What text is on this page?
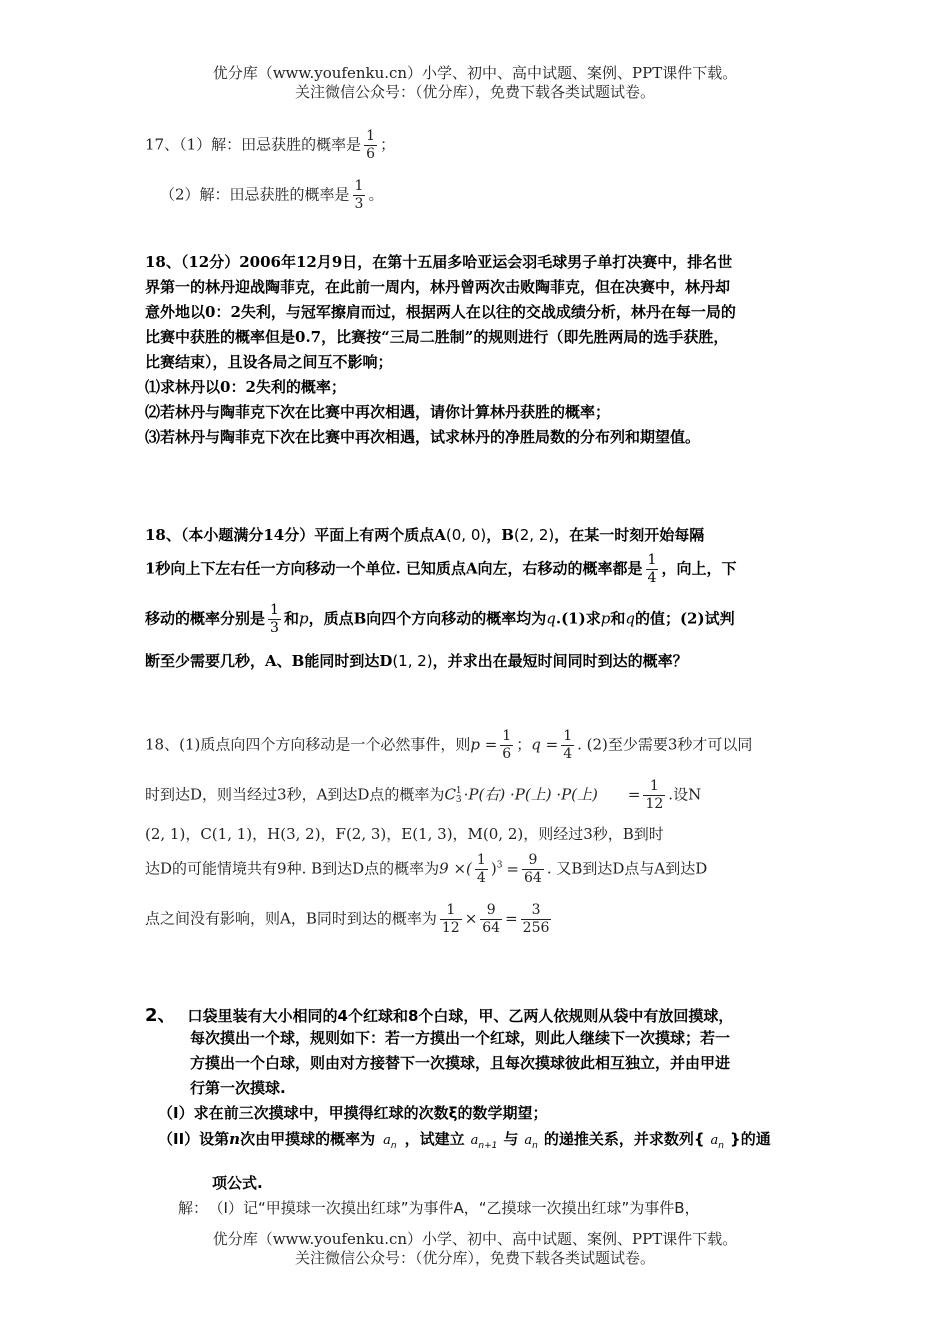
优分库（www.youfenku.cn）小学、初中、高中试题、案例、PPT课件下载。
关注微信公众号：（优分库），免费下载各类试题试卷。
17、（1）解：田忌获胜的概率是 $\frac{1}{6}$ ；
（2）解：田忌获胜的概率是 $\frac{1}{3}$ 。
18、（12分）2006年12月9日，在第十五届多哈亚运会羽毛球男子单打决赛中，排名世
界第一的林丹迎战陶菲克，在此前一周内，林丹曾两次击败陶菲克，但在决赛中，林丹却
意外地以0：2失利，与冠军擦肩而过，根据两人在以往的交战成绩分析，林丹在每一局的
比赛中获胜的概率但是0.7，比赛按“三局二胜制”的规则进行（即先胜两局的选手获胜，
比赛结束），且设各局之间互不影响；
⑴求林丹以0：2失利的概率；
⑵若林丹与陶菲克下次在比赛中再次相遇，请你计算林丹获胜的概率；
⑶若林丹与陶菲克下次在比赛中再次相遇，试求林丹的净胜局数的分布列和期望值。
18、（本小题满分14分）平面上有两个质点A(0, 0)，B(2, 2)，在某一时刻开始每隔
1秒向上下左右任一方向移动一个单位. 已知质点A向左，右移动的概率都是 $\frac{1}{4}$ ，向上，下
移动的概率分别是 $\frac{1}{3}$ 和p，质点B向四个方向移动的概率均为q.(1)求p和q的值；(2)试判
断至少需要几秒，A、B能同时到达D(1, 2)，并求出在最短时间同时到达的概率？
18、(1)质点向四个方向移动是一个必然事件，则$p = \frac{1}{6}$ ；$q = \frac{1}{4}$ . (2)至少需要3秒才可以同
时到达D，则当经过3秒，A到达D点的概率为C 1
3 ·P(右) ·P(上) ·P(上) = $\frac{1}{12}$ .设N
(2, 1)，C(1, 1)，H(3, 2)，F(2, 3)，E(1, 3)，M(0, 2)，则经过3秒，B到时
达D的可能情境共有9种. B到达D点的概率为9 ×( $\frac{1}{4} )^3 = \frac{9}{64}$ . 又B到达D点与A到达D
点之间没有影响，则A，B同时到达的概率为 $\frac{1}{12} \times \frac{9}{64} = \frac{3}{256}$
2、 口袋里装有大小相同的4个红球和8个白球，甲、乙两人依规则从袋中有放回摸球，
每次摸出一个球，规则如下：若一方摸出一个红球，则此人继续下一次摸球；若一
方摸出一个白球，则由对方接替下一次摸球，且每次摸球彼此相互独立，并由甲进
行第一次摸球.
（I）求在前三次摸球中，甲摸得红球的次数ξ的数学期望；
（II）设第n次由甲摸球的概率为 $a_n$ ，试建立 $a_{n+1}$ 与 $a_n$ 的递推关系，并求数列{ $a_n$ }的通
项公式.
解： （I）记“甲摸球一次摸出红球”为事件A，“乙摸球一次摸出红球”为事件B，
优分库（www.youfenku.cn）小学、初中、高中试题、案例、PPT课件下载。
关注微信公众号：（优分库），免费下载各类试题试卷。
